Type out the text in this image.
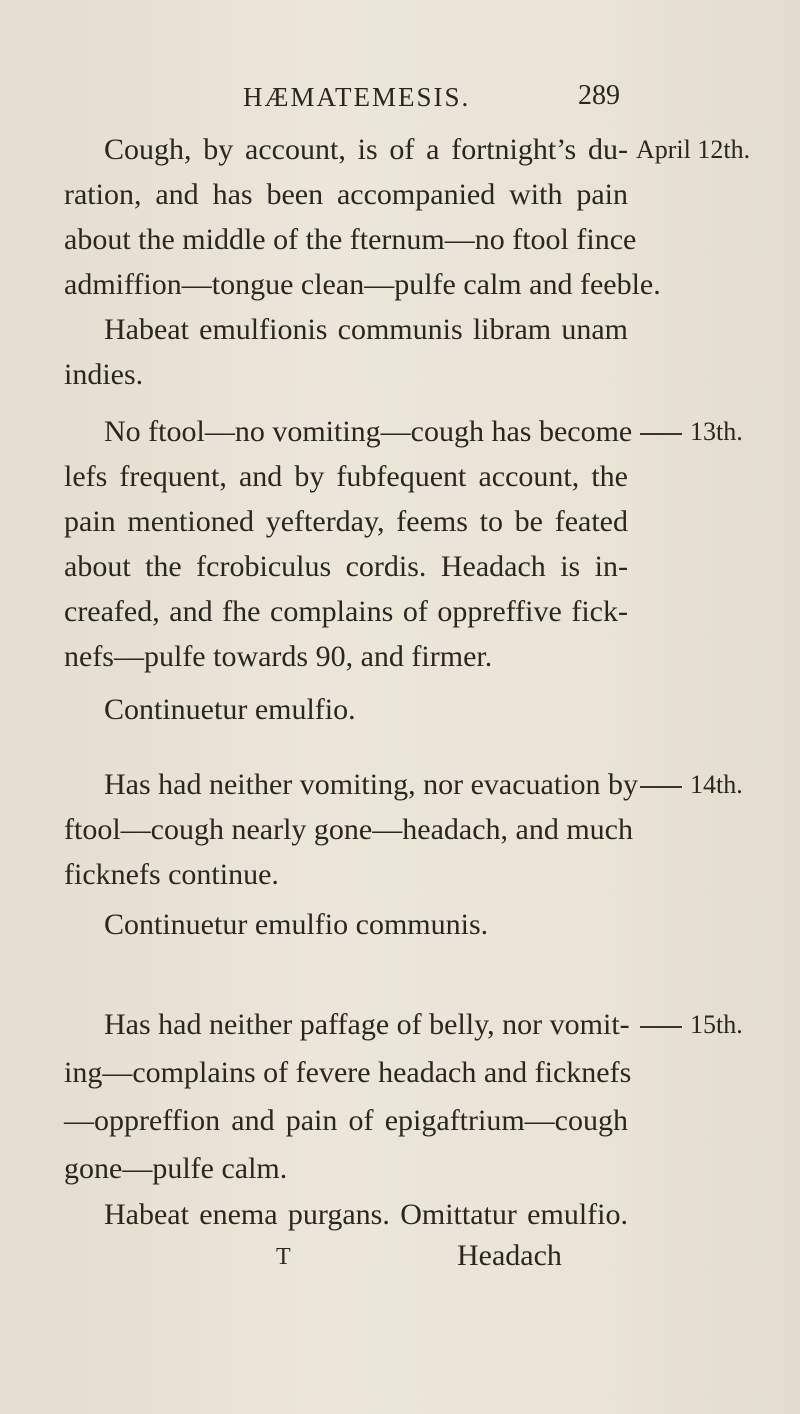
HÆMATEMESIS.	289
April 12th.
Cough, by account, is of a fortnight’s du-
ration, and has been accompanied with pain
about the middle of the fternum—no ftool fince
admiffion—tongue clean—pulfe calm and feeble.
Habeat emulfionis communis libram unam
indies.
13th.
No ftool—no vomiting—cough has become
lefs frequent, and by fubfequent account, the
pain mentioned yefterday, feems to be feated
about the fcrobiculus cordis. Headach is in-
creafed, and fhe complains of oppreffive fick-
nefs—pulfe towards 90, and firmer.
Continuetur emulfio.
14th.
Has had neither vomiting, nor evacuation by
ftool—cough nearly gone—headach, and much
ficknefs continue.
Continuetur emulfio communis.
15th.
Has had neither paffage of belly, nor vomit-
ing—complains of fevere headach and ficknefs
—oppreffion and pain of epigaftrium—cough
gone—pulfe calm.
Habeat enema purgans. Omittatur emulfio.
T	Headach
